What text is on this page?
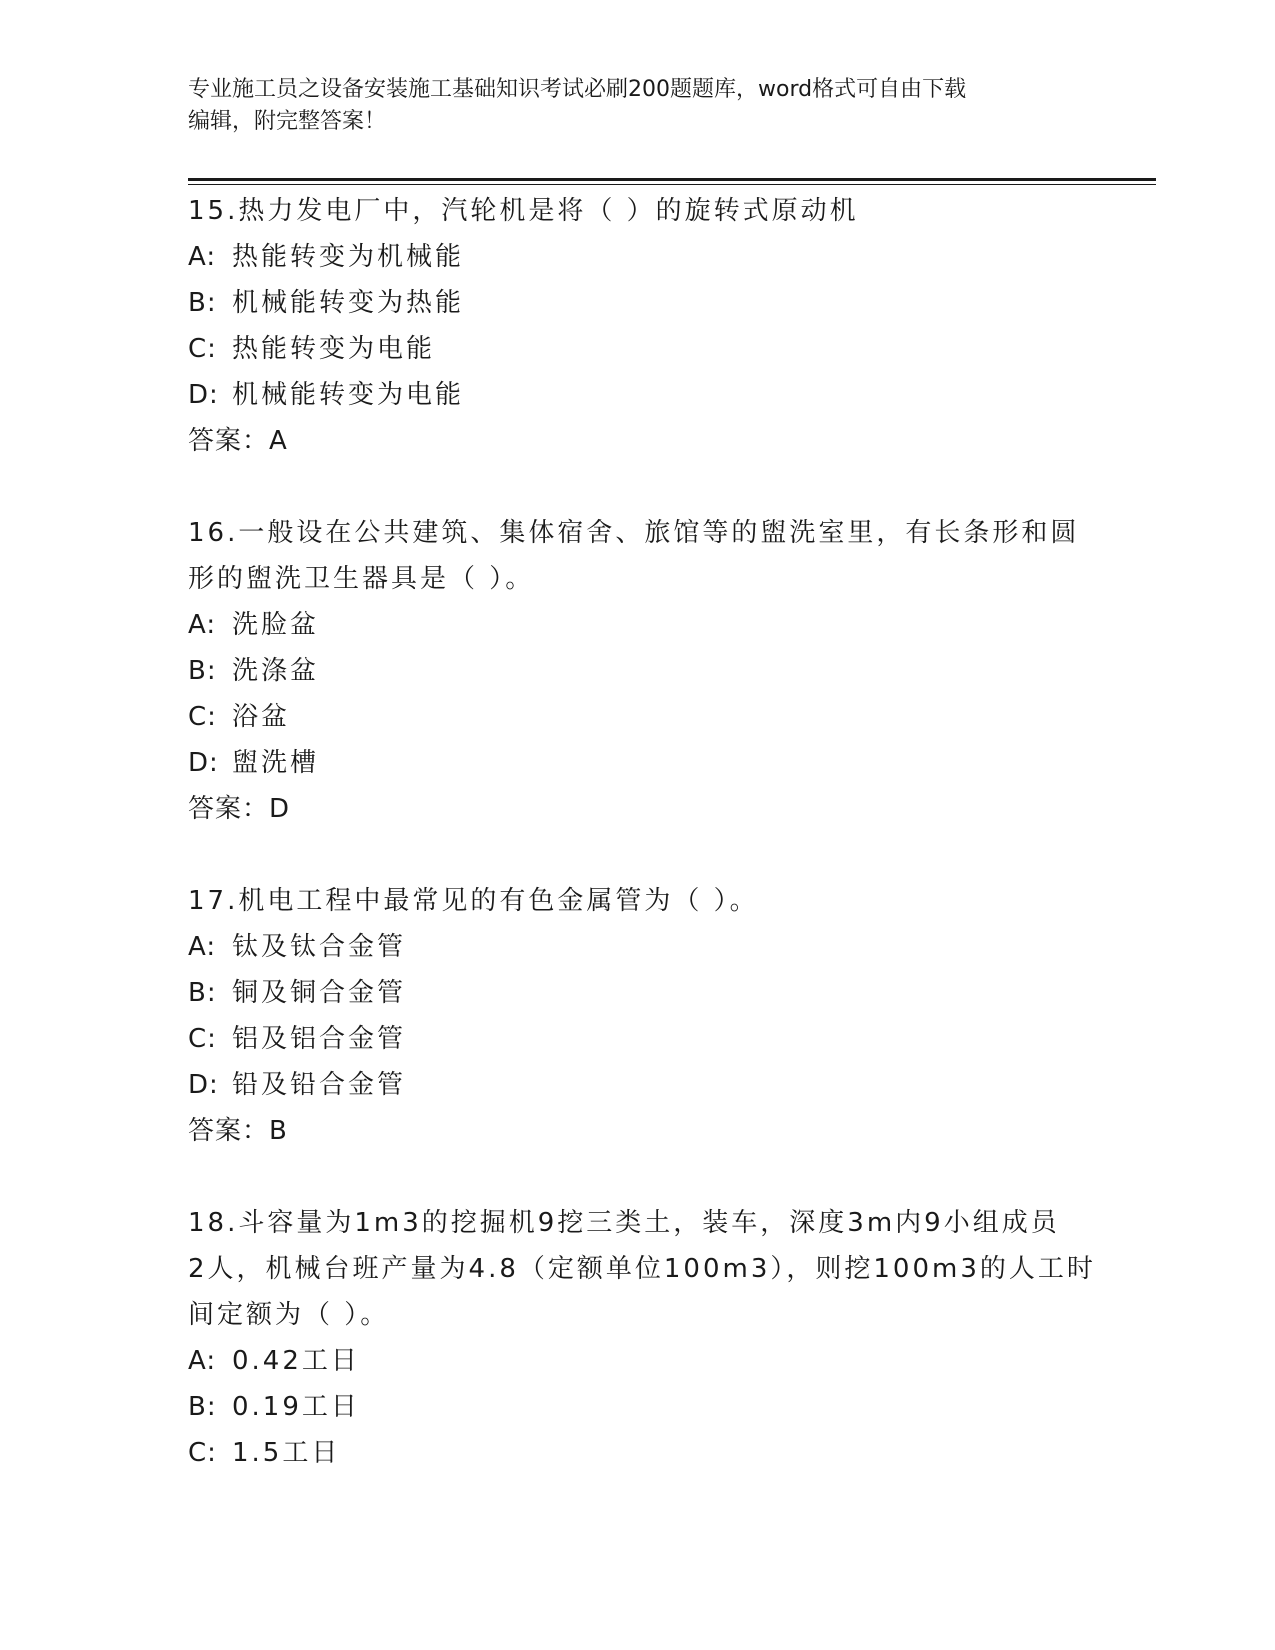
专业施工员之设备安装施工基础知识考试必刷200题题库，word格式可自由下载
编辑，附完整答案！
15.热力发电厂中，汽轮机是将（ ）的旋转式原动机
A: 热能转变为机械能
B: 机械能转变为热能
C: 热能转变为电能
D: 机械能转变为电能
答案：A
16.一般设在公共建筑、集体宿舍、旅馆等的盥洗室里，有长条形和圆
形的盥洗卫生器具是（ ）。
A: 洗脸盆
B: 洗涤盆
C: 浴盆
D: 盥洗槽
答案：D
17.机电工程中最常见的有色金属管为（ ）。
A: 钛及钛合金管
B: 铜及铜合金管
C: 铝及铝合金管
D: 铅及铅合金管
答案：B
18.斗容量为1m3的挖掘机9挖三类土，装车，深度3m内9小组成员
2人，机械台班产量为4.8（定额单位100m3），则挖100m3的人工时
间定额为（ ）。
A: 0.42工日
B: 0.19工日
C: 1.5工日
